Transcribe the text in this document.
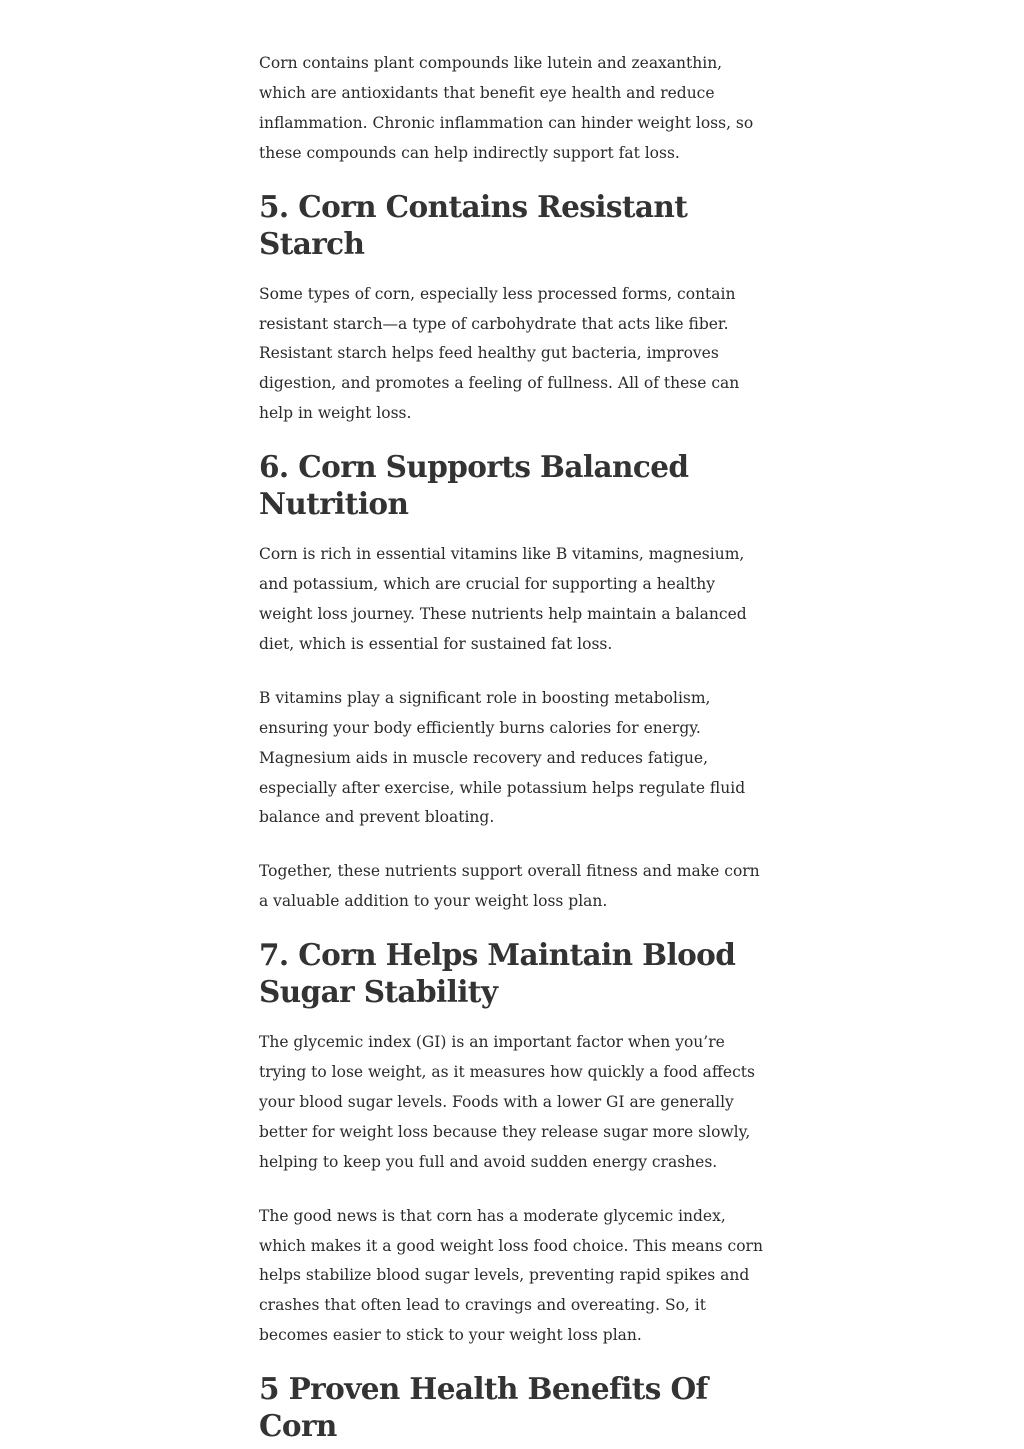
Corn contains plant compounds like lutein and zeaxanthin, which are antioxidants that benefit eye health and reduce inflammation. Chronic inflammation can hinder weight loss, so these compounds can help indirectly support fat loss.

5. Corn Contains Resistant Starch

Some types of corn, especially less processed forms, contain resistant starch—a type of carbohydrate that acts like fiber. Resistant starch helps feed healthy gut bacteria, improves digestion, and promotes a feeling of fullness. All of these can help in weight loss.

6. Corn Supports Balanced Nutrition

Corn is rich in essential vitamins like B vitamins, magnesium, and potassium, which are crucial for supporting a healthy weight loss journey. These nutrients help maintain a balanced diet, which is essential for sustained fat loss.

B vitamins play a significant role in boosting metabolism, ensuring your body efficiently burns calories for energy. Magnesium aids in muscle recovery and reduces fatigue, especially after exercise, while potassium helps regulate fluid balance and prevent bloating.

Together, these nutrients support overall fitness and make corn a valuable addition to your weight loss plan.

7. Corn Helps Maintain Blood Sugar Stability

The glycemic index (GI) is an important factor when you’re trying to lose weight, as it measures how quickly a food affects your blood sugar levels. Foods with a lower GI are generally better for weight loss because they release sugar more slowly, helping to keep you full and avoid sudden energy crashes.

The good news is that corn has a moderate glycemic index, which makes it a good weight loss food choice. This means corn helps stabilize blood sugar levels, preventing rapid spikes and crashes that often lead to cravings and overeating. So, it becomes easier to stick to your weight loss plan.

5 Proven Health Benefits Of Corn
